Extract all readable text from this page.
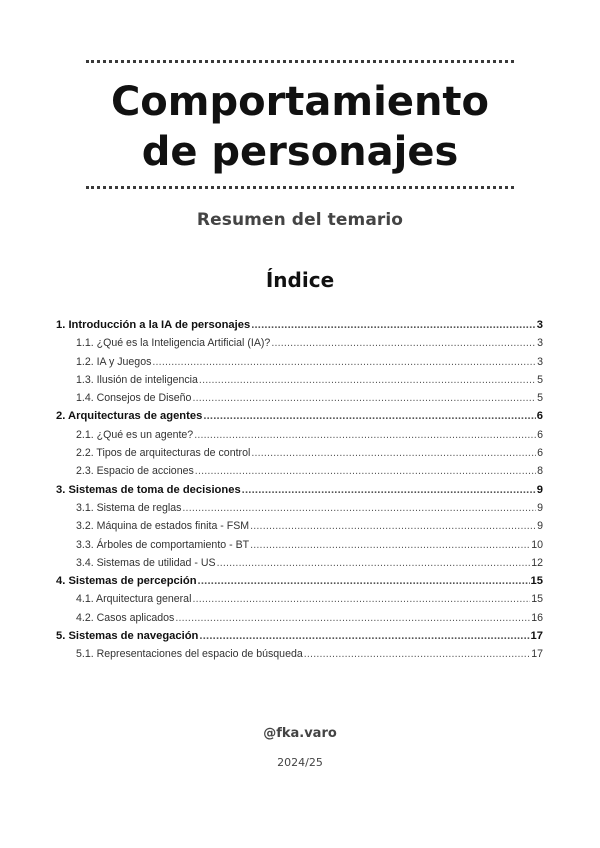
Comportamiento
de personajes
Resumen del temario
Índice
1. Introducción a la IA de personajes .....	3
1.1. ¿Qué es la Inteligencia Artificial (IA)? .....	3
1.2. IA y Juegos .....	3
1.3. Ilusión de inteligencia .....	5
1.4. Consejos de Diseño .....	5
2. Arquitecturas de agentes .....	6
2.1. ¿Qué es un agente? .....	6
2.2. Tipos de arquitecturas de control .....	6
2.3. Espacio de acciones .....	8
3. Sistemas de toma de decisiones .....	9
3.1. Sistema de reglas .....	9
3.2. Máquina de estados finita - FSM .....	9
3.3. Árboles de comportamiento - BT .....	10
3.4. Sistemas de utilidad - US .....	12
4. Sistemas de percepción .....	15
4.1. Arquitectura general .....	15
4.2. Casos aplicados .....	16
5. Sistemas de navegación .....	17
5.1. Representaciones del espacio de búsqueda .....	17
@fka.varo
2024/25
